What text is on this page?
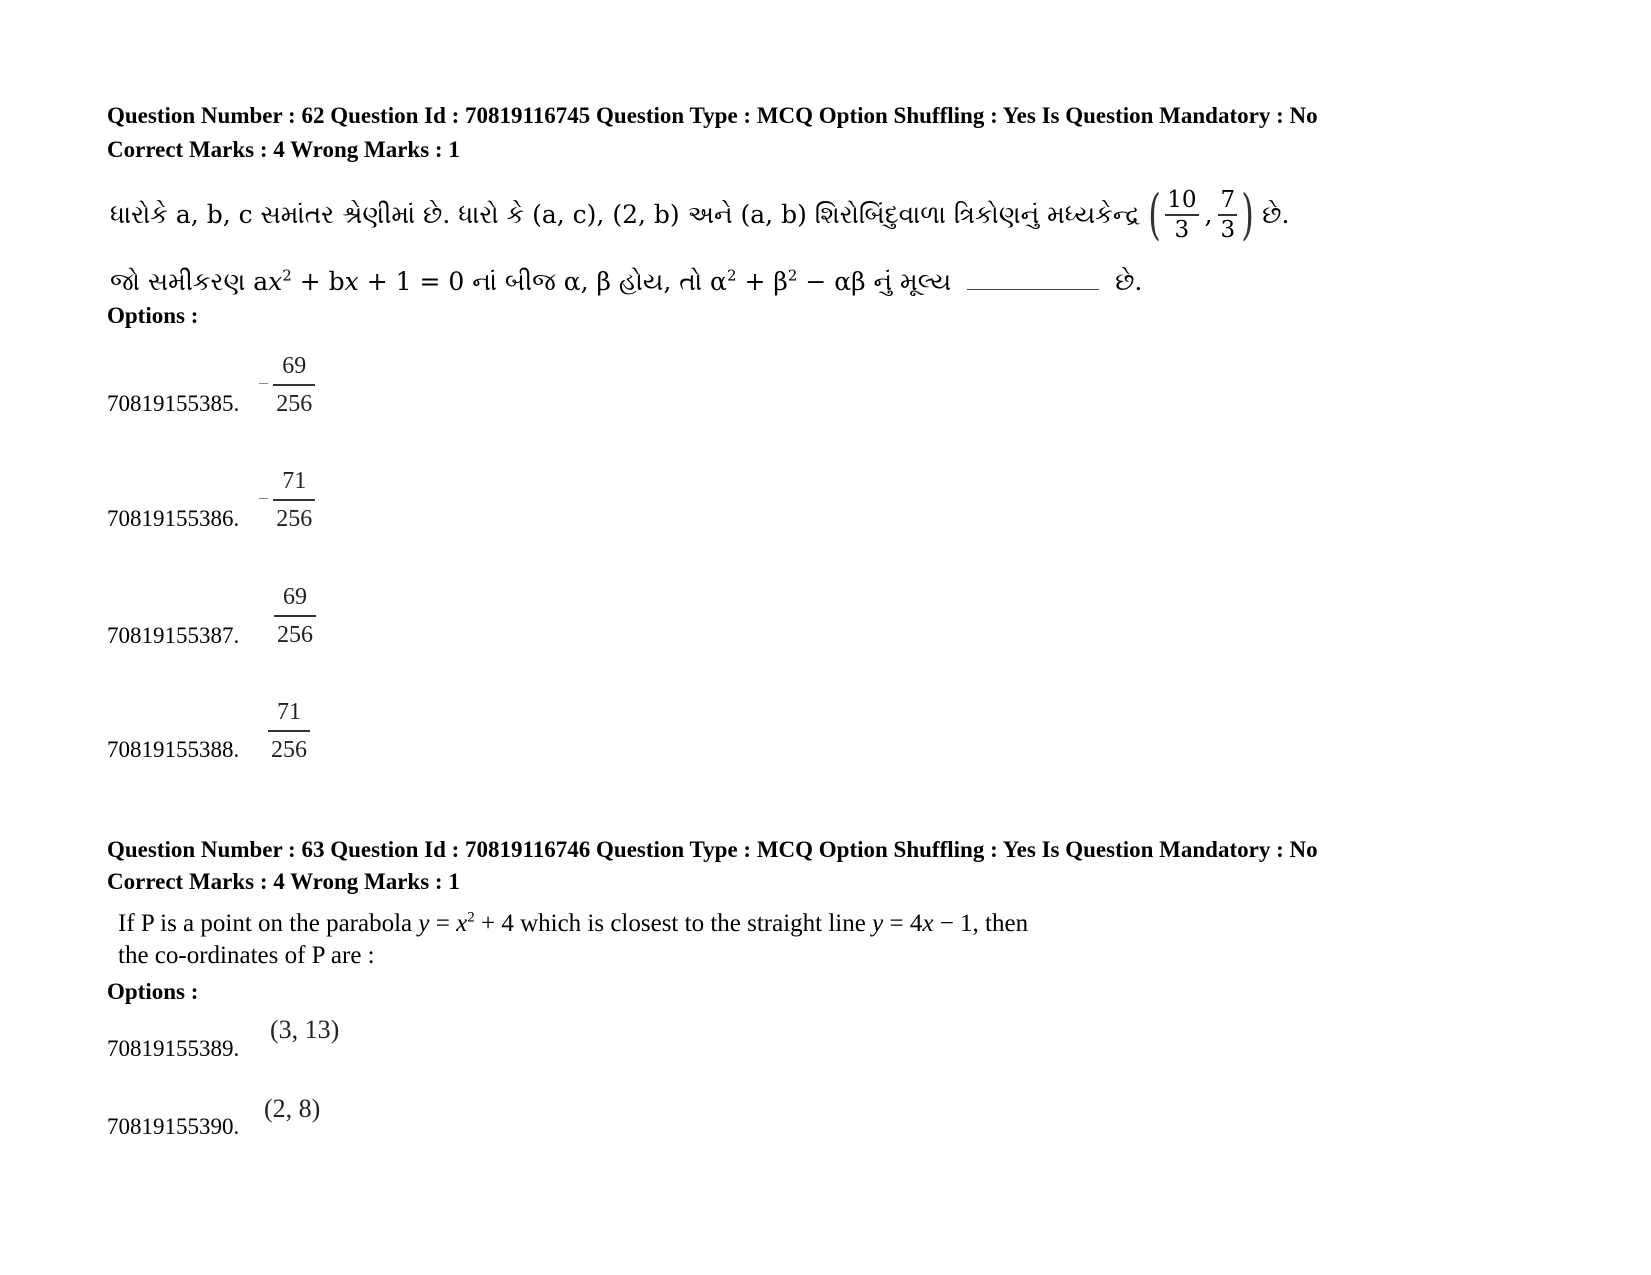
Question Number : 62 Question Id : 70819116745 Question Type : MCQ Option Shuffling : Yes Is Question Mandatory : No
Correct Marks : 4 Wrong Marks : 1
ધારોકે a, b, c સમાંતર શ્રેણીમાં છે. ધારો કે (a, c), (2, b) અને (a, b) શિરોબિંદુવાળા ત્રિકોણનું મધ્યકેન્દ્ર ( 10
3
, 7
3 ) છે.
જો સમીકરણ $ax^2$ + bx + 1 = 0 નાં બીજ α, β હોય, તો $\alpha^2 + \beta^2 - \alpha\beta$ નું મૂલ્ય	છે.
Options :
70819155385.
− $\frac{69}{256}$
70819155386.
− $\frac{71}{256}$
70819155387. $\frac{69}{256}$
70819155388. $\frac{71}{256}$
Question Number : 63 Question Id : 70819116746 Question Type : MCQ Option Shuffling : Yes Is Question Mandatory : No
Correct Marks : 4 Wrong Marks : 1
If P is a point on the parabola $y = x^2 + 4$ which is closest to the straight line y = 4x − 1, then
the co-ordinates of P are :
Options :
70819155389.
(3, 13)
70819155390.
(2, 8)
